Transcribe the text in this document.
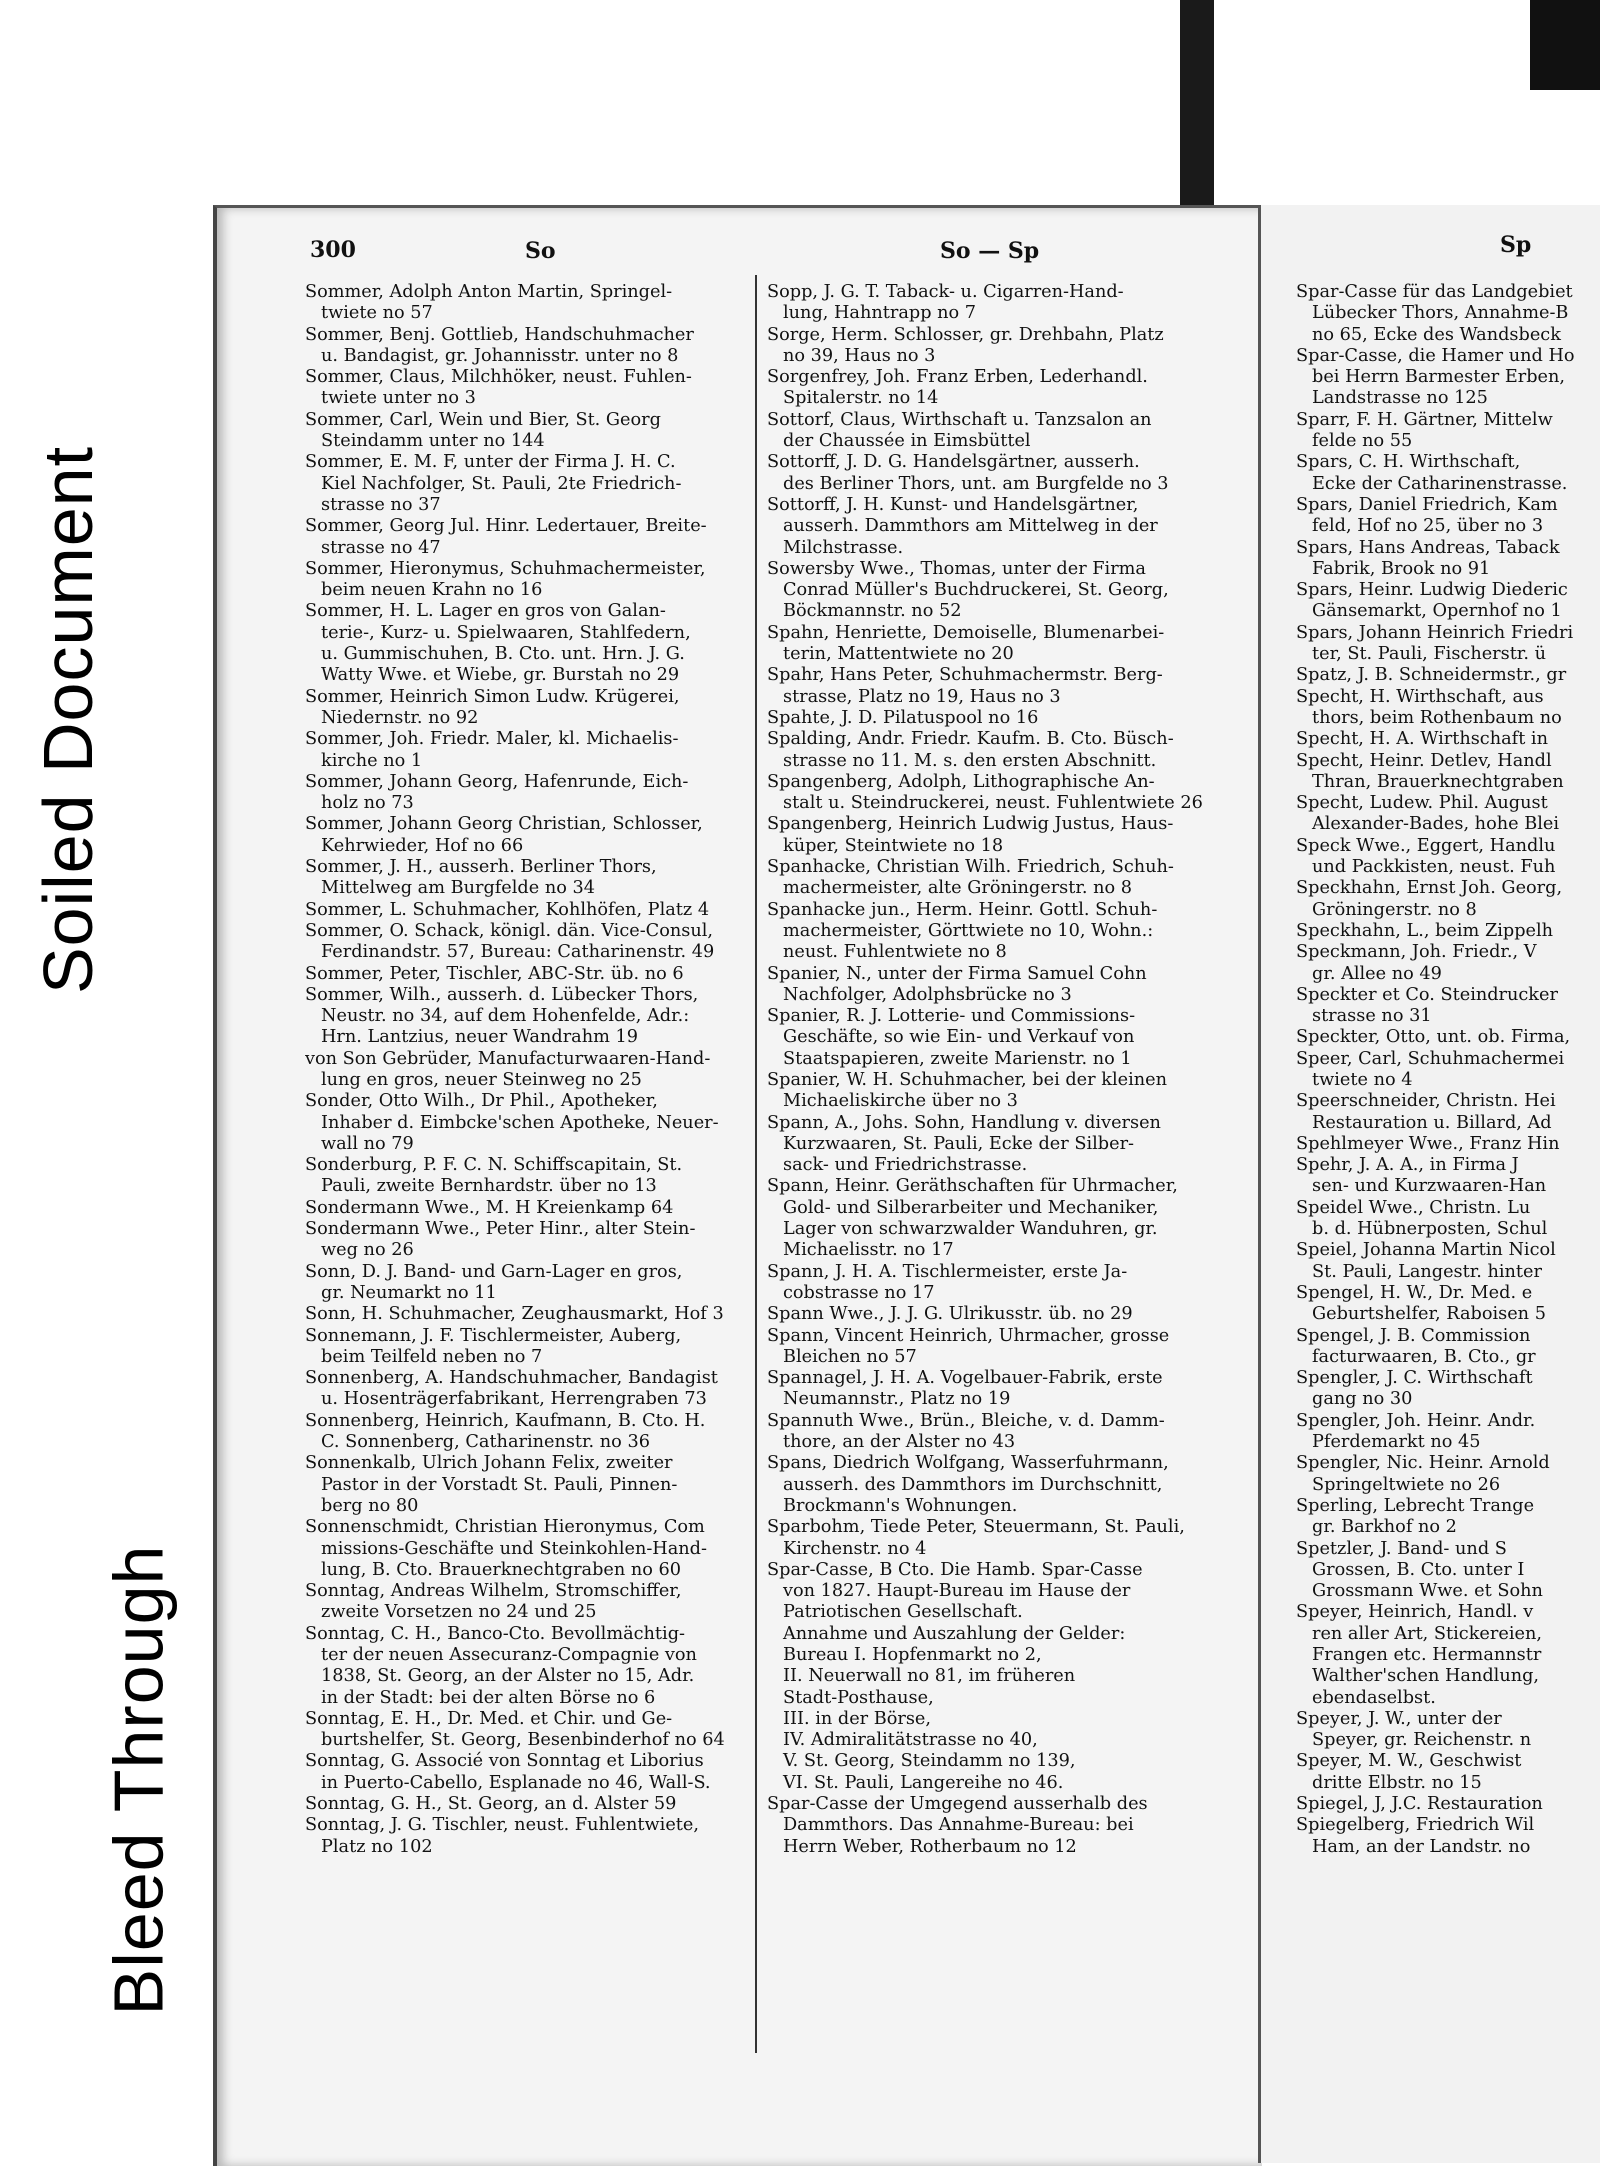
Soiled Document
Bleed Through
300	So	So — Sp	Sp
Sommer, Adolph Anton Martin, Springel-
twiete no 57
Sommer, Benj. Gottlieb, Handschuhmacher
u. Bandagist, gr. Johannisstr. unter no 8
Sommer, Claus, Milchhöker, neust. Fuhlen-
twiete unter no 3
Sommer, Carl, Wein und Bier, St. Georg
Steindamm unter no 144
Sommer, E. M. F, unter der Firma J. H. C.
Kiel Nachfolger, St. Pauli, 2te Friedrich-
strasse no 37
Sommer, Georg Jul. Hinr. Ledertauer, Breite-
strasse no 47
Sommer, Hieronymus, Schuhmachermeister,
beim neuen Krahn no 16
Sommer, H. L. Lager en gros von Galan-
terie-, Kurz- u. Spielwaaren, Stahlfedern,
u. Gummischuhen, B. Cto. unt. Hrn. J. G.
Watty Wwe. et Wiebe, gr. Burstah no 29
Sommer, Heinrich Simon Ludw. Krügerei,
Niedernstr. no 92
Sommer, Joh. Friedr. Maler, kl. Michaelis-
kirche no 1
Sommer, Johann Georg, Hafenrunde, Eich-
holz no 73
Sommer, Johann Georg Christian, Schlosser,
Kehrwieder, Hof no 66
Sommer, J. H., ausserh. Berliner Thors,
Mittelweg am Burgfelde no 34
Sommer, L. Schuhmacher, Kohlhöfen, Platz 4
Sommer, O. Schack, königl. dän. Vice-Consul,
Ferdinandstr. 57, Bureau: Catharinenstr. 49
Sommer, Peter, Tischler, ABC-Str. üb. no 6
Sommer, Wilh., ausserh. d. Lübecker Thors,
Neustr. no 34, auf dem Hohenfelde, Adr.:
Hrn. Lantzius, neuer Wandrahm 19
von Son Gebrüder, Manufacturwaaren-Hand-
lung en gros, neuer Steinweg no 25
Sonder, Otto Wilh., Dr Phil., Apotheker,
Inhaber d. Eimbcke'schen Apotheke, Neuer-
wall no 79
Sonderburg, P. F. C. N. Schiffscapitain, St.
Pauli, zweite Bernhardstr. über no 13
Sondermann Wwe., M. H Kreienkamp 64
Sondermann Wwe., Peter Hinr., alter Stein-
weg no 26
Sonn, D. J. Band- und Garn-Lager en gros,
gr. Neumarkt no 11
Sonn, H. Schuhmacher, Zeughausmarkt, Hof 3
Sonnemann, J. F. Tischlermeister, Auberg,
beim Teilfeld neben no 7
Sonnenberg, A. Handschuhmacher, Bandagist
u. Hosenträgerfabrikant, Herrengraben 73
Sonnenberg, Heinrich, Kaufmann, B. Cto. H.
C. Sonnenberg, Catharinenstr. no 36
Sonnenkalb, Ulrich Johann Felix, zweiter
Pastor in der Vorstadt St. Pauli, Pinnen-
berg no 80
Sonnenschmidt, Christian Hieronymus, Com
missions-Geschäfte und Steinkohlen-Hand-
lung, B. Cto. Brauerknechtgraben no 60
Sonntag, Andreas Wilhelm, Stromschiffer,
zweite Vorsetzen no 24 und 25
Sonntag, C. H., Banco-Cto. Bevollmächtig-
ter der neuen Assecuranz-Compagnie von
1838, St. Georg, an der Alster no 15, Adr.
in der Stadt: bei der alten Börse no 6
Sonntag, E. H., Dr. Med. et Chir. und Ge-
burtshelfer, St. Georg, Besenbinderhof no 64
Sonntag, G. Associé von Sonntag et Liborius
in Puerto-Cabello, Esplanade no 46, Wall-S.
Sonntag, G. H., St. Georg, an d. Alster 59
Sonntag, J. G. Tischler, neust. Fuhlentwiete,
Platz no 102
Sopp, J. G. T. Taback- u. Cigarren-Hand-
lung, Hahntrapp no 7
Sorge, Herm. Schlosser, gr. Drehbahn, Platz
no 39, Haus no 3
Sorgenfrey, Joh. Franz Erben, Lederhandl.
Spitalerstr. no 14
Sottorf, Claus, Wirthschaft u. Tanzsalon an
der Chaussée in Eimsbüttel
Sottorff, J. D. G. Handelsgärtner, ausserh.
des Berliner Thors, unt. am Burgfelde no 3
Sottorff, J. H. Kunst- und Handelsgärtner,
ausserh. Dammthors am Mittelweg in der
Milchstrasse.
Sowersby Wwe., Thomas, unter der Firma
Conrad Müller's Buchdruckerei, St. Georg,
Böckmannstr. no 52
Spahn, Henriette, Demoiselle, Blumenarbei-
terin, Mattentwiete no 20
Spahr, Hans Peter, Schuhmachermstr. Berg-
strasse, Platz no 19, Haus no 3
Spahte, J. D. Pilatuspool no 16
Spalding, Andr. Friedr. Kaufm. B. Cto. Büsch-
strasse no 11. M. s. den ersten Abschnitt.
Spangenberg, Adolph, Lithographische An-
stalt u. Steindruckerei, neust. Fuhlentwiete 26
Spangenberg, Heinrich Ludwig Justus, Haus-
küper, Steintwiete no 18
Spanhacke, Christian Wilh. Friedrich, Schuh-
machermeister, alte Gröningerstr. no 8
Spanhacke jun., Herm. Heinr. Gottl. Schuh-
machermeister, Görttwiete no 10, Wohn.:
neust. Fuhlentwiete no 8
Spanier, N., unter der Firma Samuel Cohn
Nachfolger, Adolphsbrücke no 3
Spanier, R. J. Lotterie- und Commissions-
Geschäfte, so wie Ein- und Verkauf von
Staatspapieren, zweite Marienstr. no 1
Spanier, W. H. Schuhmacher, bei der kleinen
Michaeliskirche über no 3
Spann, A., Johs. Sohn, Handlung v. diversen
Kurzwaaren, St. Pauli, Ecke der Silber-
sack- und Friedrichstrasse.
Spann, Heinr. Geräthschaften für Uhrmacher,
Gold- und Silberarbeiter und Mechaniker,
Lager von schwarzwalder Wanduhren, gr.
Michaelisstr. no 17
Spann, J. H. A. Tischlermeister, erste Ja-
cobstrasse no 17
Spann Wwe., J. J. G. Ulrikusstr. üb. no 29
Spann, Vincent Heinrich, Uhrmacher, grosse
Bleichen no 57
Spannagel, J. H. A. Vogelbauer-Fabrik, erste
Neumannstr., Platz no 19
Spannuth Wwe., Brün., Bleiche, v. d. Damm-
thore, an der Alster no 43
Spans, Diedrich Wolfgang, Wasserfuhrmann,
ausserh. des Dammthors im Durchschnitt,
Brockmann's Wohnungen.
Sparbohm, Tiede Peter, Steuermann, St. Pauli,
Kirchenstr. no 4
Spar-Casse, B Cto. Die Hamb. Spar-Casse
von 1827. Haupt-Bureau im Hause der
Patriotischen Gesellschaft.
Annahme und Auszahlung der Gelder:
Bureau I. Hopfenmarkt no 2,
II. Neuerwall no 81, im früheren
Stadt-Posthause,
III. in der Börse,
IV. Admiralitätstrasse no 40,
V. St. Georg, Steindamm no 139,
VI. St. Pauli, Langereihe no 46.
Spar-Casse der Umgegend ausserhalb des
Dammthors. Das Annahme-Bureau: bei
Herrn Weber, Rotherbaum no 12
Spar-Casse für das Landgebiet
Lübecker Thors, Annahme-B
no 65, Ecke des Wandsbeck
Spar-Casse, die Hamer und Ho
bei Herrn Barmester Erben,
Landstrasse no 125
Sparr, F. H. Gärtner, Mittelw
felde no 55
Spars, C. H. Wirthschaft,
Ecke der Catharinenstrasse.
Spars, Daniel Friedrich, Kam
feld, Hof no 25, über no 3
Spars, Hans Andreas, Taback
Fabrik, Brook no 91
Spars, Heinr. Ludwig Diederic
Gänsemarkt, Opernhof no 1
Spars, Johann Heinrich Friedri
ter, St. Pauli, Fischerstr. ü
Spatz, J. B. Schneidermstr., gr
Specht, H. Wirthschaft, aus
thors, beim Rothenbaum no
Specht, H. A. Wirthschaft in
Specht, Heinr. Detlev, Handl
Thran, Brauerknechtgraben
Specht, Ludew. Phil. August
Alexander-Bades, hohe Blei
Speck Wwe., Eggert, Handlu
und Packkisten, neust. Fuh
Speckhahn, Ernst Joh. Georg,
Gröningerstr. no 8
Speckhahn, L., beim Zippelh
Speckmann, Joh. Friedr., V
gr. Allee no 49
Speckter et Co. Steindrucker
strasse no 31
Speckter, Otto, unt. ob. Firma,
Speer, Carl, Schuhmachermei
twiete no 4
Speerschneider, Christn. Hei
Restauration u. Billard, Ad
Spehlmeyer Wwe., Franz Hin
Spehr, J. A. A., in Firma J
sen- und Kurzwaaren-Han
Speidel Wwe., Christn. Lu
b. d. Hübnerposten, Schul
Speiel, Johanna Martin Nicol
St. Pauli, Langestr. hinter
Spengel, H. W., Dr. Med. e
Geburtshelfer, Raboisen 5
Spengel, J. B. Commission
facturwaaren, B. Cto., gr
Spengler, J. C. Wirthschaft
gang no 30
Spengler, Joh. Heinr. Andr.
Pferdemarkt no 45
Spengler, Nic. Heinr. Arnold
Springeltwiete no 26
Sperling, Lebrecht Trange
gr. Barkhof no 2
Spetzler, J. Band- und S
Grossen, B. Cto. unter I
Grossmann Wwe. et Sohn
Speyer, Heinrich, Handl. v
ren aller Art, Stickereien,
Frangen etc. Hermannstr
Walther'schen Handlung,
ebendaselbst.
Speyer, J. W., unter der
Speyer, gr. Reichenstr. n
Speyer, M. W., Geschwist
dritte Elbstr. no 15
Spiegel, J, J.C. Restauration
Spiegelberg, Friedrich Wil
Ham, an der Landstr. no
